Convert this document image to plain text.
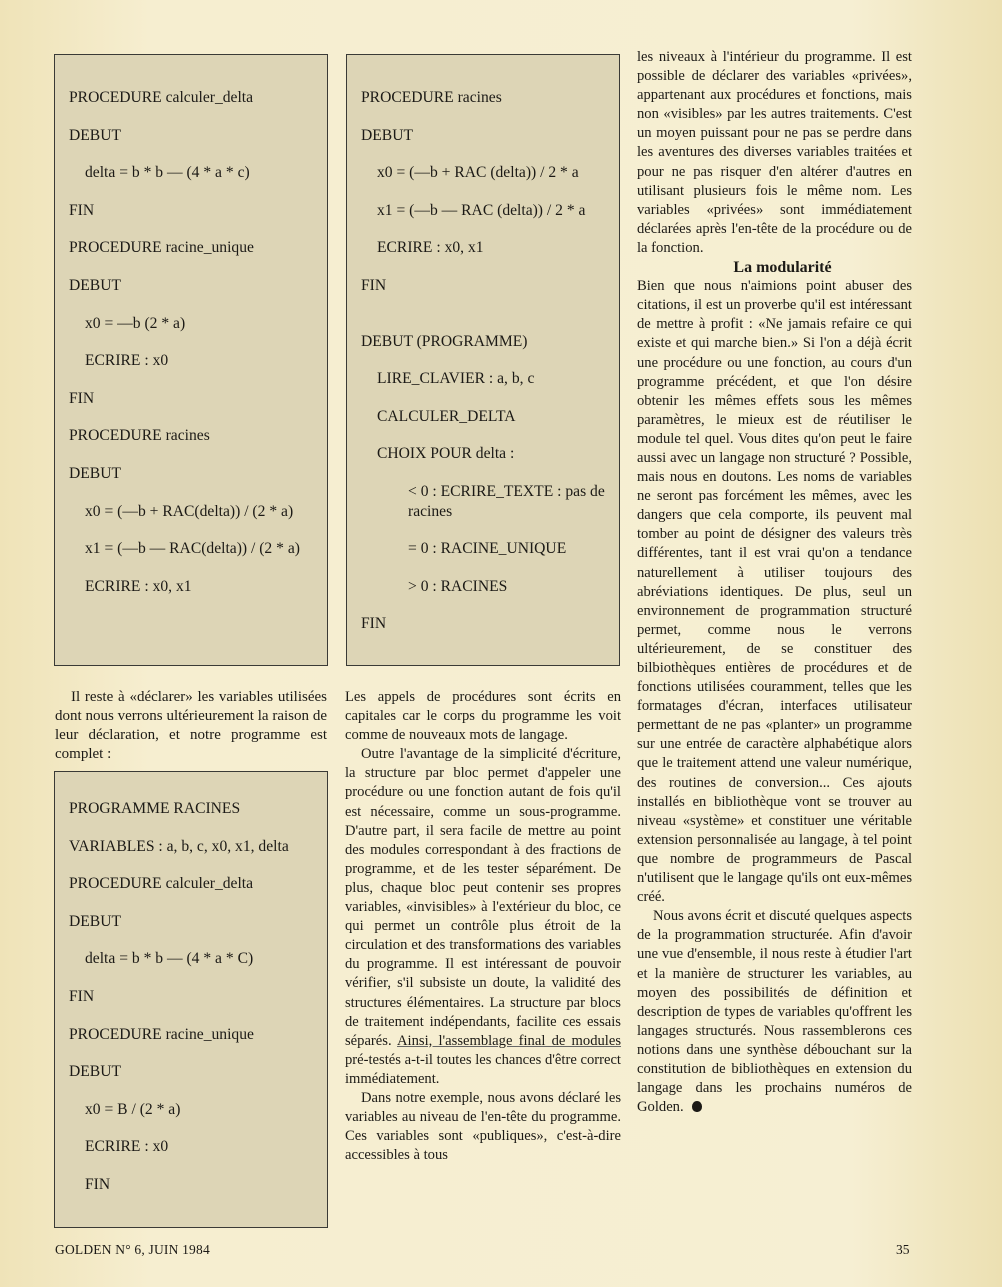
PROCEDURE calculer_delta
DEBUT
delta = b * b — (4 * a * c)
FIN
PROCEDURE racine_unique
DEBUT
x0 = —b (2 * a)
ECRIRE : x0
FIN
PROCEDURE racines
DEBUT
x0 = (—b + RAC(delta)) / (2 * a)
x1 = (—b — RAC(delta)) / (2 * a)
ECRIRE : x0, x1
PROCEDURE racines
DEBUT
x0 = (—b + RAC (delta)) / 2 * a
x1 = (—b — RAC (delta)) / 2 * a
ECRIRE : x0, x1
FIN
DEBUT (PROGRAMME)
LIRE_CLAVIER : a, b, c
CALCULER_DELTA
CHOIX POUR delta :
< 0 : ECRIRE_TEXTE : pas de racines
= 0 : RACINE_UNIQUE
> 0 : RACINES
FIN
PROGRAMME RACINES
VARIABLES : a, b, c, x0, x1, delta
PROCEDURE calculer_delta
DEBUT
delta = b * b — (4 * a * C)
FIN
PROCEDURE racine_unique
DEBUT
x0 = B / (2 * a)
ECRIRE : x0
FIN

Il reste à «déclarer» les variables utilisées dont nous verrons ultérieurement la raison de leur déclaration, et notre programme est complet :

Les appels de procédures sont écrits en capitales car le corps du programme les voit comme de nouveaux mots de langage.

Outre l'avantage de la simplicité d'écriture, la structure par bloc permet d'appeler une procédure ou une fonction autant de fois qu'il est nécessaire, comme un sous-programme. D'autre part, il sera facile de mettre au point des modules correspondant à des fractions de programme, et de les tester séparément. De plus, chaque bloc peut contenir ses propres variables, «invisibles» à l'extérieur du bloc, ce qui permet un contrôle plus étroit de la circulation et des transformations des variables du programme. Il est intéressant de pouvoir vérifier, s'il subsiste un doute, la validité des structures élémentaires. La structure par blocs de traitement indépendants, facilite ces essais séparés. Ainsi, l'assemblage final de modules pré-testés a-t-il toutes les chances d'être correct immédiatement.

Dans notre exemple, nous avons déclaré les variables au niveau de l'en-tête du programme. Ces variables sont «publiques», c'est-à-dire accessibles à tous

les niveaux à l'intérieur du programme. Il est possible de déclarer des variables «privées», appartenant aux procédures et fonctions, mais non «visibles» par les autres traitements. C'est un moyen puissant pour ne pas se perdre dans les aventures des diverses variables traitées et pour ne pas risquer d'en altérer d'autres en utilisant plusieurs fois le même nom. Les variables «privées» sont immédiatement déclarées après l'en-tête de la procédure ou de la fonction.

La modularité

Bien que nous n'aimions point abuser des citations, il est un proverbe qu'il est intéressant de mettre à profit : «Ne jamais refaire ce qui existe et qui marche bien.» Si l'on a déjà écrit une procédure ou une fonction, au cours d'un programme précédent, et que l'on désire obtenir les mêmes effets sous les mêmes paramètres, le mieux est de réutiliser le module tel quel. Vous dites qu'on peut le faire aussi avec un langage non structuré ? Possible, mais nous en doutons. Les noms de variables ne seront pas forcément les mêmes, avec les dangers que cela comporte, ils peuvent mal tomber au point de désigner des valeurs très différentes, tant il est vrai qu'on a tendance naturellement à utiliser toujours des abréviations identiques. De plus, seul un environnement de programmation structuré permet, comme nous le verrons ultérieurement, de se constituer des bilbiothèques entières de procédures et de fonctions utilisées couramment, telles que les formatages d'écran, interfaces utilisateur permettant de ne pas «planter» un programme sur une entrée de caractère alphabétique alors que le traitement attend une valeur numérique, des routines de conversion... Ces ajouts installés en bibliothèque vont se trouver au niveau «système» et constituer une véritable extension personnalisée au langage, à tel point que nombre de programmeurs de Pascal n'utilisent que le langage qu'ils ont eux-mêmes créé.

Nous avons écrit et discuté quelques aspects de la programmation structurée. Afin d'avoir une vue d'ensemble, il nous reste à étudier l'art et la manière de structurer les variables, au moyen des possibilités de définition et description de types de variables qu'offrent les langages structurés. Nous rassemblerons ces notions dans une synthèse débouchant sur la constitution de bibliothèques en extension du langage dans les prochains numéros de Golden.

GOLDEN N° 6, JUIN 1984	35
